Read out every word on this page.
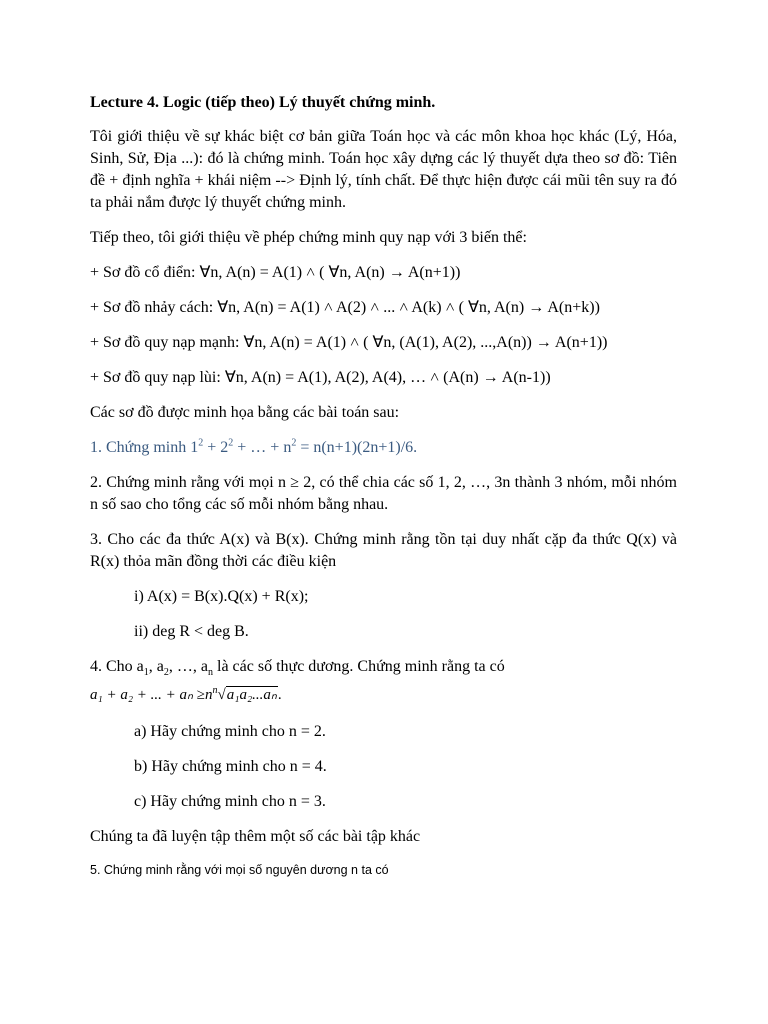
Lecture 4. Logic (tiếp theo) Lý thuyết chứng minh.

Tôi giới thiệu về sự khác biệt cơ bản giữa Toán học và các môn khoa học khác (Lý, Hóa, Sinh, Sử, Địa ...): đó là chứng minh. Toán học xây dựng các lý thuyết dựa theo sơ đồ: Tiên đề + định nghĩa + khái niệm --> Định lý, tính chất. Để thực hiện được cái mũi tên suy ra đó ta phải nắm được lý thuyết chứng minh.

Tiếp theo, tôi giới thiệu về phép chứng minh quy nạp với 3 biến thể:

+ Sơ đồ cổ điển: ∀n, A(n) = A(1) ˄ ( ∀n, A(n) → A(n+1))

+ Sơ đồ nhảy cách: ∀n, A(n) = A(1) ˄ A(2) ˄ ... ˄ A(k) ˄ ( ∀n, A(n) → A(n+k))

+ Sơ đồ quy nạp mạnh: ∀n, A(n) = A(1) ˄ ( ∀n, (A(1), A(2), ...,A(n)) → A(n+1))

+ Sơ đồ quy nạp lùi: ∀n, A(n) = A(1), A(2), A(4), … ˄ (A(n) → A(n-1))

Các sơ đồ được minh họa bằng các bài toán sau:

1. Chứng minh $1^2 + 2^2$ + … + $n^2 = n(n+1)(2n+1)/6$.

2. Chứng minh rằng với mọi n ≥ 2, có thể chia các số 1, 2, …, 3n thành 3 nhóm, mỗi nhóm n số sao cho tổng các số mỗi nhóm bằng nhau.

3. Cho các đa thức A(x) và B(x). Chứng minh rằng tồn tại duy nhất cặp đa thức Q(x) và R(x) thỏa mãn đồng thời các điều kiện

i) A(x) = B(x).Q(x) + R(x);

ii) deg R < deg B.

4. Cho $a_1$, $a_2$, …, $a_n$ là các số thực dương. Chứng minh rằng ta có

a₁ + a₂ + ... + $a_n \ge n^n√a_1a_2...a_n$.

a) Hãy chứng minh cho n = 2.

b) Hãy chứng minh cho n = 4.

c) Hãy chứng minh cho n = 3.

Chúng ta đã luyện tập thêm một số các bài tập khác

5. Chứng minh rằng với mọi số nguyên dương n ta có
